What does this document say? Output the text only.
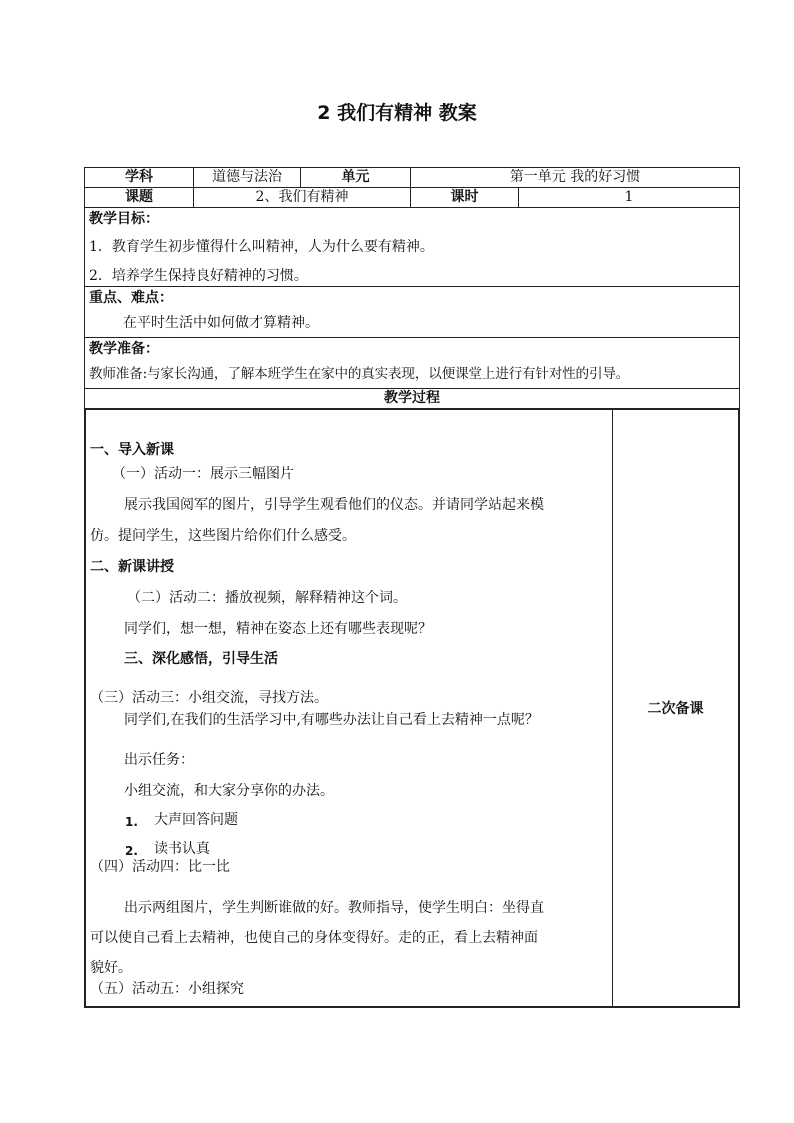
2 我们有精神 教案
学科	道德与法治	单元	第一单元 我的好习惯
课题	2、我们有精神	课时	1

教学目标：
1．教育学生初步懂得什么叫精神，人为什么要有精神。
2．培养学生保持良好精神的习惯。

重点、难点：
在平时生活中如何做才算精神。

教学准备：
教师准备:与家长沟通，了解本班学生在家中的真实表现，以便课堂上进行有针对性的引导。

教学过程

一、导入新课
（一）活动一：展示三幅图片
展示我国阅军的图片，引导学生观看他们的仪态。并请同学站起来模
仿。提问学生，这些图片给你们什么感受。
二、新课讲授
（二）活动二：播放视频，解释精神这个词。
同学们，想一想，精神在姿态上还有哪些表现呢？
三、深化感悟，引导生活
（三）活动三：小组交流，寻找方法。
同学们,在我们的生活学习中,有哪些办法让自己看上去精神一点呢？
出示任务：
小组交流，和大家分享你的办法。
1. 大声回答问题
2. 读书认真
（四）活动四：比一比
出示两组图片，学生判断谁做的好。教师指导，使学生明白：坐得直
可以使自己看上去精神，也使自己的身体变得好。走的正，看上去精神面
貌好。
（五）活动五：小组探究

二次备课
